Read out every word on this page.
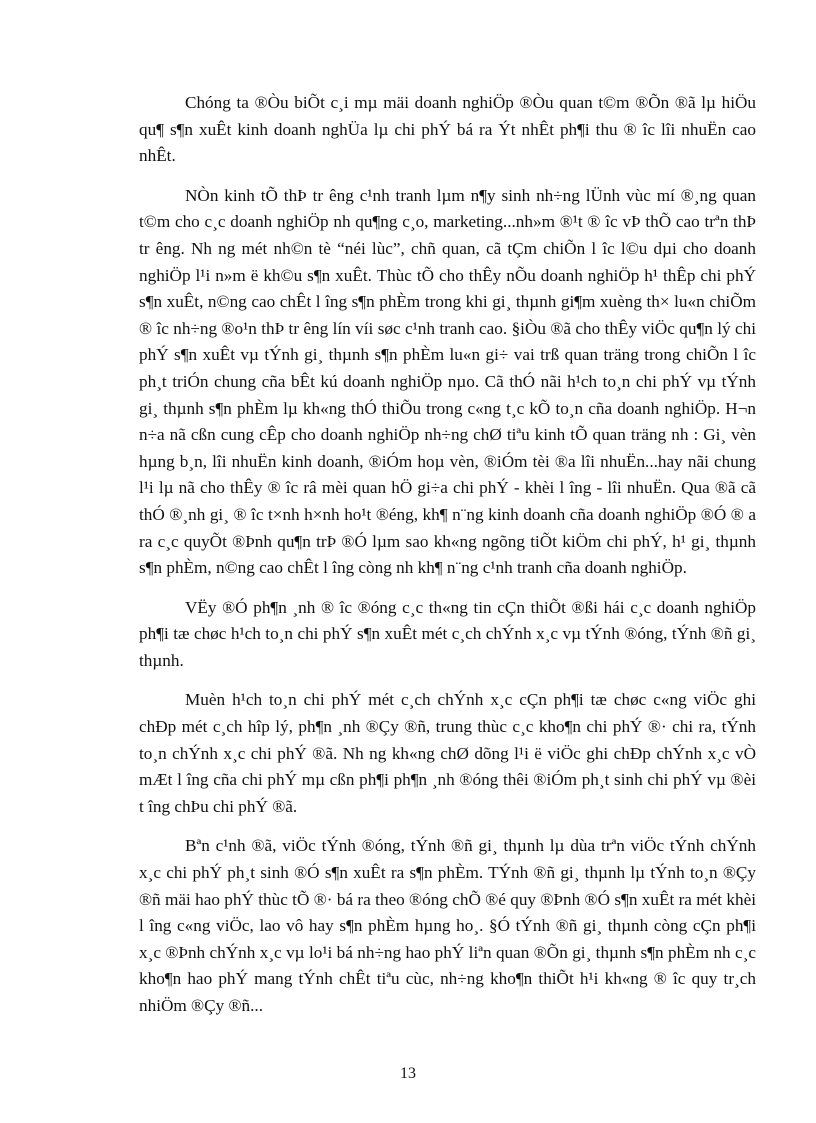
Chóng ta ®Òu biÕt c¸i mµ mäi doanh nghiÖp ®Òu quan t©m ®Õn ®ã lµ hiÖu qu¶ s¶n xuÊt kinh doanh nghÜa lµ chi phÝ bá ra Ýt nhÊt ph¶i thu ® îc lîi nhuËn cao nhÊt.

NÒn kinh tÕ thÞ tr êng c¹nh tranh lµm n¶y sinh nh÷ng lÜnh vùc mí ®¸ng quan t©m cho c¸c doanh nghiÖp nh qu¶ng c¸o, marketing...nh»m ®¹t ® îc vÞ thÕ cao trªn thÞ tr êng. Nh ng mét nh©n tè “néi lùc”, chñ quan, cã tÇm chiÕn l îc l©u dµi cho doanh nghiÖp l¹i n»m ë kh©u s¶n xuÊt. Thùc tÕ cho thÊy nÕu doanh nghiÖp h¹ thÊp chi phÝ s¶n xuÊt, n©ng cao chÊt l îng s¶n phÈm trong khi gi¸ thµnh gi¶m xuèng th× lu«n chiÕm ® îc nh÷ng ®o¹n thÞ tr êng lín víi søc c¹nh tranh cao. §iÒu ®ã cho thÊy viÖc qu¶n lý chi phÝ s¶n xuÊt vµ tÝnh gi¸ thµnh s¶n phÈm lu«n gi÷ vai trß quan träng trong chiÕn l îc ph¸t triÓn chung cña bÊt kú doanh nghiÖp nµo. Cã thÓ nãi h¹ch to¸n chi phÝ vµ tÝnh gi¸ thµnh s¶n phÈm lµ kh«ng thÓ thiÕu trong c«ng t¸c kÕ to¸n cña doanh nghiÖp. H¬n n÷a nã cßn cung cÊp cho doanh nghiÖp nh÷ng chØ tiªu kinh tÕ quan träng nh : Gi¸ vèn hµng b¸n, lîi nhuËn kinh doanh, ®iÓm hoµ vèn, ®iÓm tèi ®a lîi nhuËn...hay nãi chung l¹i lµ nã cho thÊy ® îc râ mèi quan hÖ gi÷a chi phÝ - khèi l îng - lîi nhuËn. Qua ®ã cã thÓ ®¸nh gi¸ ® îc t×nh h×nh ho¹t ®éng, kh¶ n¨ng kinh doanh cña doanh nghiÖp ®Ó ® a ra c¸c quyÕt ®Þnh qu¶n trÞ ®Ó lµm sao kh«ng ngõng tiÕt kiÖm chi phÝ, h¹ gi¸ thµnh s¶n phÈm, n©ng cao chÊt l îng còng nh kh¶ n¨ng c¹nh tranh cña doanh nghiÖp.

VËy ®Ó ph¶n ¸nh ® îc ®óng c¸c th«ng tin cÇn thiÕt ®ßi hái c¸c doanh nghiÖp ph¶i tæ chøc h¹ch to¸n chi phÝ s¶n xuÊt mét c¸ch chÝnh x¸c vµ tÝnh ®óng, tÝnh ®ñ gi¸ thµnh.

Muèn h¹ch to¸n chi phÝ mét c¸ch chÝnh x¸c cÇn ph¶i tæ chøc c«ng viÖc ghi chÐp mét c¸ch hîp lý, ph¶n ¸nh ®Çy ®ñ, trung thùc c¸c kho¶n chi phÝ ®· chi ra, tÝnh to¸n chÝnh x¸c chi phÝ ®ã. Nh ng kh«ng chØ dõng l¹i ë viÖc ghi chÐp chÝnh x¸c vÒ mÆt l îng cña chi phÝ mµ cßn ph¶i ph¶n ¸nh ®óng thêi ®iÓm ph¸t sinh chi phÝ vµ ®èi t îng chÞu chi phÝ ®ã.

Bªn c¹nh ®ã, viÖc tÝnh ®óng, tÝnh ®ñ gi¸ thµnh lµ dùa trªn viÖc tÝnh chÝnh x¸c chi phÝ ph¸t sinh ®Ó s¶n xuÊt ra s¶n phÈm. TÝnh ®ñ gi¸ thµnh lµ tÝnh to¸n ®Çy ®ñ mäi hao phÝ thùc tÕ ®· bá ra theo ®óng chÕ ®é quy ®Þnh ®Ó s¶n xuÊt ra mét khèi l îng c«ng viÖc, lao vô hay s¶n phÈm hµng ho¸. §Ó tÝnh ®ñ gi¸ thµnh còng cÇn ph¶i x¸c ®Þnh chÝnh x¸c vµ lo¹i bá nh÷ng hao phÝ liªn quan ®Õn gi¸ thµnh s¶n phÈm nh c¸c kho¶n hao phÝ mang tÝnh chÊt tiªu cùc, nh÷ng kho¶n thiÕt h¹i kh«ng ® îc quy tr¸ch nhiÖm ®Çy ®ñ...

13
